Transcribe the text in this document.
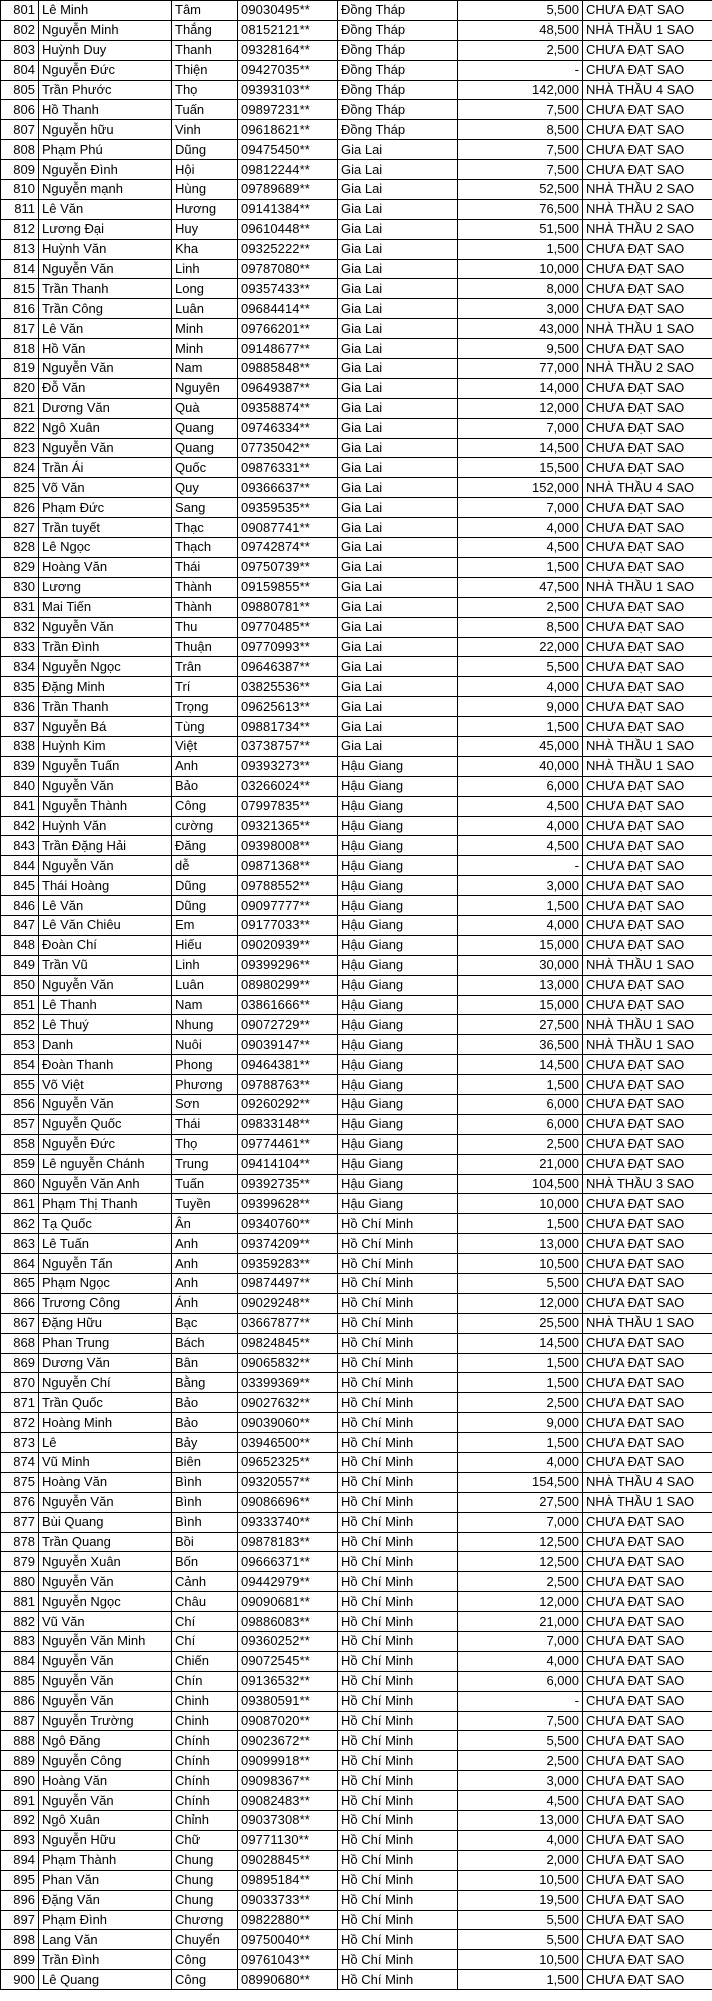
801	Lê Minh	Tâm	09030495**	Đồng Tháp	5,500	CHƯA ĐẠT SAO
802	Nguyễn Minh	Thắng	08152121**	Đồng Tháp	48,500	NHÀ THẦU 1 SAO
803	Huỳnh Duy	Thanh	09328164**	Đồng Tháp	2,500	CHƯA ĐẠT SAO
804	Nguyễn Đức	Thiện	09427035**	Đồng Tháp	-	CHƯA ĐẠT SAO
805	Trần Phước	Thọ	09393103**	Đồng Tháp	142,000	NHÀ THẦU 4 SAO
806	Hồ Thanh	Tuấn	09897231**	Đồng Tháp	7,500	CHƯA ĐẠT SAO
807	Nguyễn hữu	Vinh	09618621**	Đồng Tháp	8,500	CHƯA ĐẠT SAO
808	Phạm Phú	Dũng	09475450**	Gia Lai	7,500	CHƯA ĐẠT SAO
809	Nguyễn Đình	Hội	09812244**	Gia Lai	7,500	CHƯA ĐẠT SAO
810	Nguyễn mạnh	Hùng	09789689**	Gia Lai	52,500	NHÀ THẦU 2 SAO
811	Lê Văn	Hương	09141384**	Gia Lai	76,500	NHÀ THẦU 2 SAO
812	Lương Đại	Huy	09610448**	Gia Lai	51,500	NHÀ THẦU 2 SAO
813	Huỳnh Văn	Kha	09325222**	Gia Lai	1,500	CHƯA ĐẠT SAO
814	Nguyễn Văn	Linh	09787080**	Gia Lai	10,000	CHƯA ĐẠT SAO
815	Trần Thanh	Long	09357433**	Gia Lai	8,000	CHƯA ĐẠT SAO
816	Trần Công	Luân	09684414**	Gia Lai	3,000	CHƯA ĐẠT SAO
817	Lê Văn	Minh	09766201**	Gia Lai	43,000	NHÀ THẦU 1 SAO
818	Hồ Văn	Minh	09148677**	Gia Lai	9,500	CHƯA ĐẠT SAO
819	Nguyễn Văn	Nam	09885848**	Gia Lai	77,000	NHÀ THẦU 2 SAO
820	Đỗ Văn	Nguyên	09649387**	Gia Lai	14,000	CHƯA ĐẠT SAO
821	Dương Văn	Quà	09358874**	Gia Lai	12,000	CHƯA ĐẠT SAO
822	Ngô Xuân	Quang	09746334**	Gia Lai	7,000	CHƯA ĐẠT SAO
823	Nguyễn Văn	Quang	07735042**	Gia Lai	14,500	CHƯA ĐẠT SAO
824	Trần Ái	Quốc	09876331**	Gia Lai	15,500	CHƯA ĐẠT SAO
825	Võ Văn	Quy	09366637**	Gia Lai	152,000	NHÀ THẦU 4 SAO
826	Phạm Đức	Sang	09359535**	Gia Lai	7,000	CHƯA ĐẠT SAO
827	Trần tuyết	Thạc	09087741**	Gia Lai	4,000	CHƯA ĐẠT SAO
828	Lê Ngọc	Thạch	09742874**	Gia Lai	4,500	CHƯA ĐẠT SAO
829	Hoàng Văn	Thái	09750739**	Gia Lai	1,500	CHƯA ĐẠT SAO
830	Lương	Thành	09159855**	Gia Lai	47,500	NHÀ THẦU 1 SAO
831	Mai Tiến	Thành	09880781**	Gia Lai	2,500	CHƯA ĐẠT SAO
832	Nguyễn Văn	Thu	09770485**	Gia Lai	8,500	CHƯA ĐẠT SAO
833	Trần Đình	Thuận	09770993**	Gia Lai	22,000	CHƯA ĐẠT SAO
834	Nguyễn Ngọc	Trân	09646387**	Gia Lai	5,500	CHƯA ĐẠT SAO
835	Đặng Minh	Trí	03825536**	Gia Lai	4,000	CHƯA ĐẠT SAO
836	Trần Thanh	Trọng	09625613**	Gia Lai	9,000	CHƯA ĐẠT SAO
837	Nguyễn Bá	Tùng	09881734**	Gia Lai	1,500	CHƯA ĐẠT SAO
838	Huỳnh Kim	Việt	03738757**	Gia Lai	45,000	NHÀ THẦU 1 SAO
839	Nguyễn Tuấn	Anh	09393273**	Hậu Giang	40,000	NHÀ THẦU 1 SAO
840	Nguyễn Văn	Bảo	03266024**	Hậu Giang	6,000	CHƯA ĐẠT SAO
841	Nguyễn Thành	Công	07997835**	Hậu Giang	4,500	CHƯA ĐẠT SAO
842	Huỳnh Văn	cường	09321365**	Hậu Giang	4,000	CHƯA ĐẠT SAO
843	Trần Đặng Hải	Đăng	09398008**	Hậu Giang	4,500	CHƯA ĐẠT SAO
844	Nguyễn Văn	dễ	09871368**	Hậu Giang	-	CHƯA ĐẠT SAO
845	Thái Hoàng	Dũng	09788552**	Hậu Giang	3,000	CHƯA ĐẠT SAO
846	Lê Văn	Dũng	09097777**	Hậu Giang	1,500	CHƯA ĐẠT SAO
847	Lê Văn Chiêu	Em	09177033**	Hậu Giang	4,000	CHƯA ĐẠT SAO
848	Đoàn Chí	Hiếu	09020939**	Hậu Giang	15,000	CHƯA ĐẠT SAO
849	Trần Vũ	Linh	09399296**	Hậu Giang	30,000	NHÀ THẦU 1 SAO
850	Nguyễn Văn	Luân	08980299**	Hậu Giang	13,000	CHƯA ĐẠT SAO
851	Lê Thanh	Nam	03861666**	Hậu Giang	15,000	CHƯA ĐẠT SAO
852	Lê Thuý	Nhung	09072729**	Hậu Giang	27,500	NHÀ THẦU 1 SAO
853	Danh	Nuôi	09039147**	Hậu Giang	36,500	NHÀ THẦU 1 SAO
854	Đoàn Thanh	Phong	09464381**	Hậu Giang	14,500	CHƯA ĐẠT SAO
855	Võ Việt	Phương	09788763**	Hậu Giang	1,500	CHƯA ĐẠT SAO
856	Nguyễn Văn	Sơn	09260292**	Hậu Giang	6,000	CHƯA ĐẠT SAO
857	Nguyễn Quốc	Thái	09833148**	Hậu Giang	6,000	CHƯA ĐẠT SAO
858	Nguyễn Đức	Thọ	09774461**	Hậu Giang	2,500	CHƯA ĐẠT SAO
859	Lê nguyễn Chánh	Trung	09414104**	Hậu Giang	21,000	CHƯA ĐẠT SAO
860	Nguyễn Văn Anh	Tuấn	09392735**	Hậu Giang	104,500	NHÀ THẦU 3 SAO
861	Phạm Thị Thanh	Tuyền	09399628**	Hậu Giang	10,000	CHƯA ĐẠT SAO
862	Tạ Quốc	Ân	09340760**	Hồ Chí Minh	1,500	CHƯA ĐẠT SAO
863	Lê Tuấn	Anh	09374209**	Hồ Chí Minh	13,000	CHƯA ĐẠT SAO
864	Nguyễn Tấn	Anh	09359283**	Hồ Chí Minh	10,500	CHƯA ĐẠT SAO
865	Phạm Ngọc	Anh	09874497**	Hồ Chí Minh	5,500	CHƯA ĐẠT SAO
866	Trương Công	Ánh	09029248**	Hồ Chí Minh	12,000	CHƯA ĐẠT SAO
867	Đặng Hữu	Bạc	03667877**	Hồ Chí Minh	25,500	NHÀ THẦU 1 SAO
868	Phan Trung	Bách	09824845**	Hồ Chí Minh	14,500	CHƯA ĐẠT SAO
869	Dương Văn	Bân	09065832**	Hồ Chí Minh	1,500	CHƯA ĐẠT SAO
870	Nguyễn Chí	Bằng	03399369**	Hồ Chí Minh	1,500	CHƯA ĐẠT SAO
871	Trần Quốc	Bảo	09027632**	Hồ Chí Minh	2,500	CHƯA ĐẠT SAO
872	Hoàng Minh	Bảo	09039060**	Hồ Chí Minh	9,000	CHƯA ĐẠT SAO
873	Lê	Bảy	03946500**	Hồ Chí Minh	1,500	CHƯA ĐẠT SAO
874	Vũ Minh	Biên	09652325**	Hồ Chí Minh	4,000	CHƯA ĐẠT SAO
875	Hoàng Văn	Bình	09320557**	Hồ Chí Minh	154,500	NHÀ THẦU 4 SAO
876	Nguyễn Văn	Bình	09086696**	Hồ Chí Minh	27,500	NHÀ THẦU 1 SAO
877	Bùi Quang	Bình	09333740**	Hồ Chí Minh	7,000	CHƯA ĐẠT SAO
878	Trần Quang	Bồi	09878183**	Hồ Chí Minh	12,500	CHƯA ĐẠT SAO
879	Nguyễn Xuân	Bốn	09666371**	Hồ Chí Minh	12,500	CHƯA ĐẠT SAO
880	Nguyễn Văn	Cảnh	09442979**	Hồ Chí Minh	2,500	CHƯA ĐẠT SAO
881	Nguyễn Ngọc	Châu	09090681**	Hồ Chí Minh	12,000	CHƯA ĐẠT SAO
882	Vũ Văn	Chí	09886083**	Hồ Chí Minh	21,000	CHƯA ĐẠT SAO
883	Nguyễn Văn Minh	Chí	09360252**	Hồ Chí Minh	7,000	CHƯA ĐẠT SAO
884	Nguyễn Văn	Chiến	09072545**	Hồ Chí Minh	4,000	CHƯA ĐẠT SAO
885	Nguyễn Văn	Chín	09136532**	Hồ Chí Minh	6,000	CHƯA ĐẠT SAO
886	Nguyễn Văn	Chinh	09380591**	Hồ Chí Minh	-	CHƯA ĐẠT SAO
887	Nguyễn Trường	Chinh	09087020**	Hồ Chí Minh	7,500	CHƯA ĐẠT SAO
888	Ngô Đăng	Chính	09023672**	Hồ Chí Minh	5,500	CHƯA ĐẠT SAO
889	Nguyễn Công	Chính	09099918**	Hồ Chí Minh	2,500	CHƯA ĐẠT SAO
890	Hoàng Văn	Chính	09098367**	Hồ Chí Minh	3,000	CHƯA ĐẠT SAO
891	Nguyễn Văn	Chính	09082483**	Hồ Chí Minh	4,500	CHƯA ĐẠT SAO
892	Ngô Xuân	Chỉnh	09037308**	Hồ Chí Minh	13,000	CHƯA ĐẠT SAO
893	Nguyễn Hữu	Chữ	09771130**	Hồ Chí Minh	4,000	CHƯA ĐẠT SAO
894	Phạm Thành	Chung	09028845**	Hồ Chí Minh	2,000	CHƯA ĐẠT SAO
895	Phan Văn	Chung	09895184**	Hồ Chí Minh	10,500	CHƯA ĐẠT SAO
896	Đặng Văn	Chung	09033733**	Hồ Chí Minh	19,500	CHƯA ĐẠT SAO
897	Phạm Đình	Chương	09822880**	Hồ Chí Minh	5,500	CHƯA ĐẠT SAO
898	Lang Văn	Chuyển	09750040**	Hồ Chí Minh	5,500	CHƯA ĐẠT SAO
899	Trần Đình	Công	09761043**	Hồ Chí Minh	10,500	CHƯA ĐẠT SAO
900	Lê Quang	Công	08990680**	Hồ Chí Minh	1,500	CHƯA ĐẠT SAO
